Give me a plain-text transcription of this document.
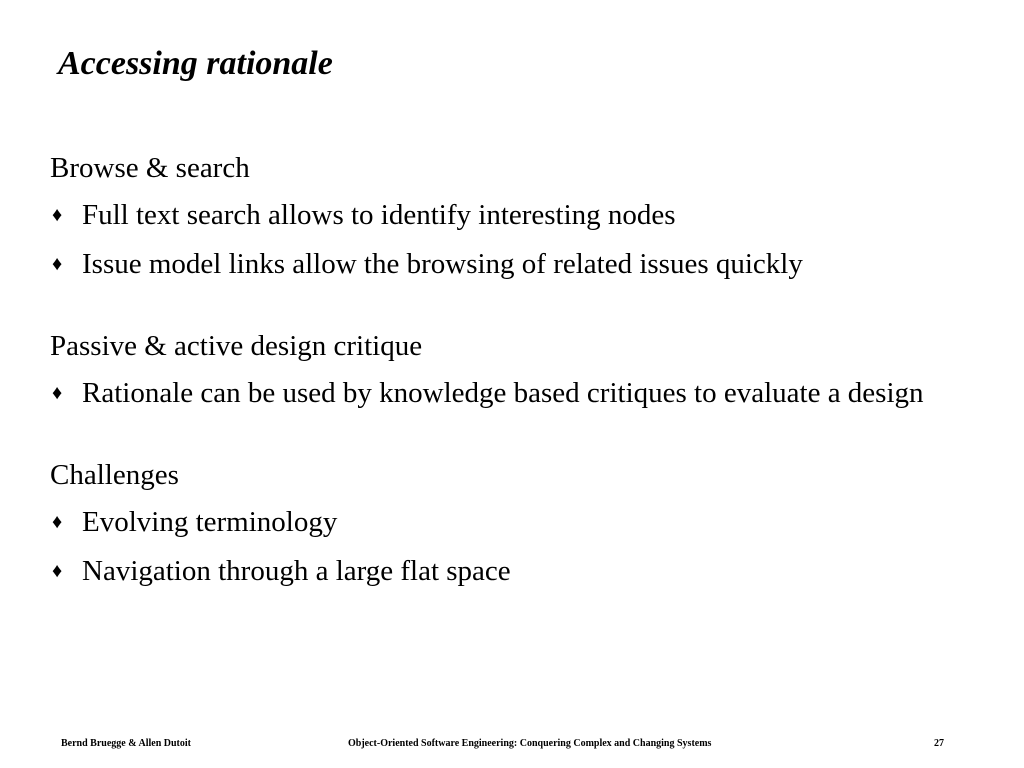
Accessing rationale
Browse & search
♦ Full text search allows to identify interesting nodes
♦ Issue model links allow the browsing of related issues quickly
Passive & active design critique
♦ Rationale can be used by knowledge based critiques to evaluate a design
Challenges
♦ Evolving terminology
♦ Navigation through a large flat space
Bernd Bruegge & Allen Dutoit	Object-Oriented Software Engineering: Conquering Complex and Changing Systems	27
